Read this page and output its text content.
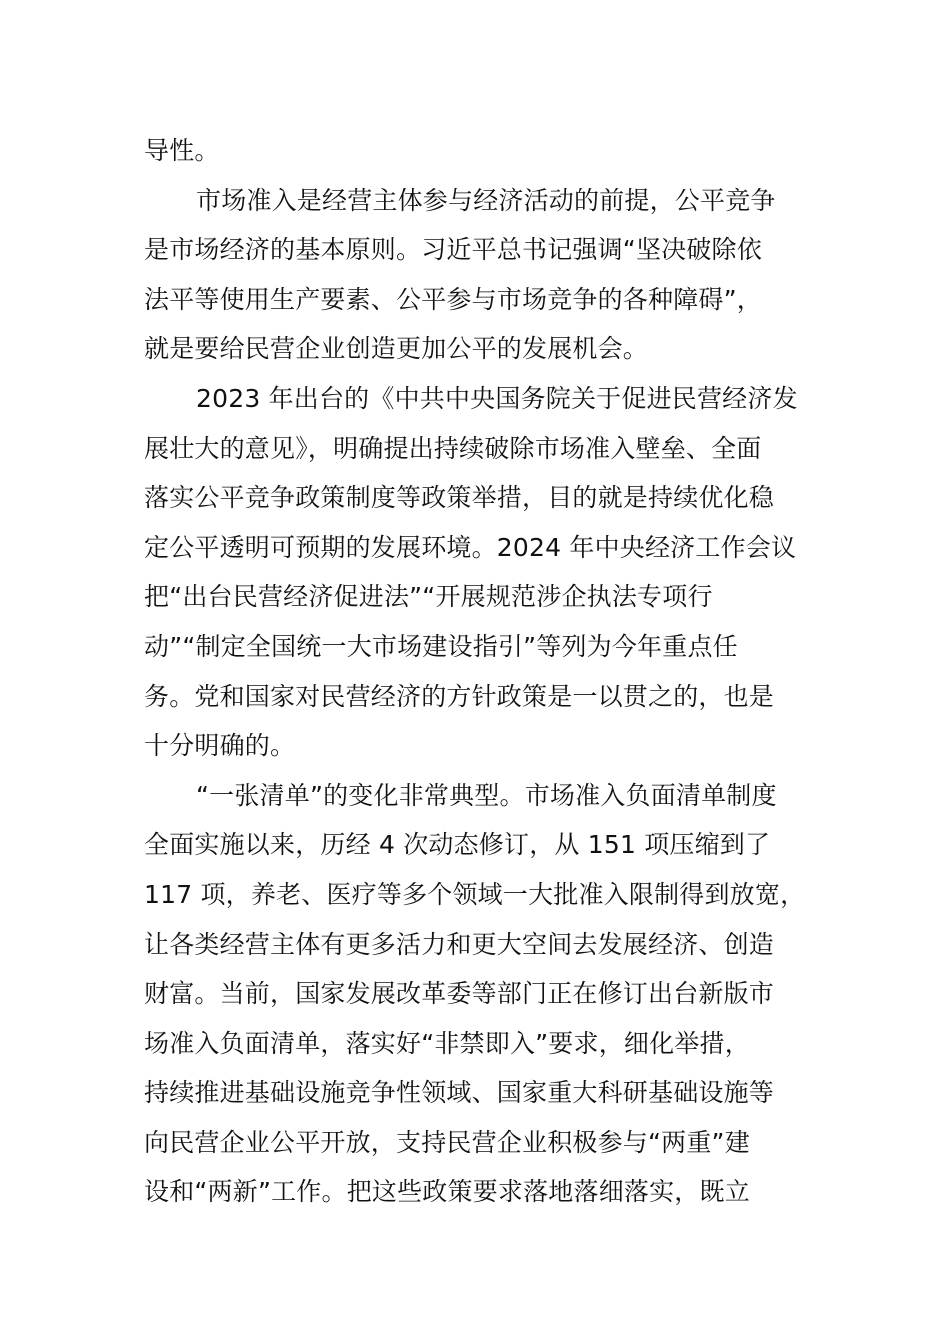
导性。
市场准入是经营主体参与经济活动的前提，公平竞争
是市场经济的基本原则。习近平总书记强调“坚决破除依
法平等使用生产要素、公平参与市场竞争的各种障碍”，
就是要给民营企业创造更加公平的发展机会。
2023 年出台的《中共中央国务院关于促进民营经济发
展壮大的意见》，明确提出持续破除市场准入壁垒、全面
落实公平竞争政策制度等政策举措，目的就是持续优化稳
定公平透明可预期的发展环境。2024 年中央经济工作会议
把“出台民营经济促进法”“开展规范涉企执法专项行
动”“制定全国统一大市场建设指引”等列为今年重点任
务。党和国家对民营经济的方针政策是一以贯之的，也是
十分明确的。
“一张清单”的变化非常典型。市场准入负面清单制度
全面实施以来，历经 4 次动态修订，从 151 项压缩到了
117 项，养老、医疗等多个领域一大批准入限制得到放宽，
让各类经营主体有更多活力和更大空间去发展经济、创造
财富。当前，国家发展改革委等部门正在修订出台新版市
场准入负面清单，落实好“非禁即入”要求，细化举措，
持续推进基础设施竞争性领域、国家重大科研基础设施等
向民营企业公平开放，支持民营企业积极参与“两重”建
设和“两新”工作。把这些政策要求落地落细落实，既立
